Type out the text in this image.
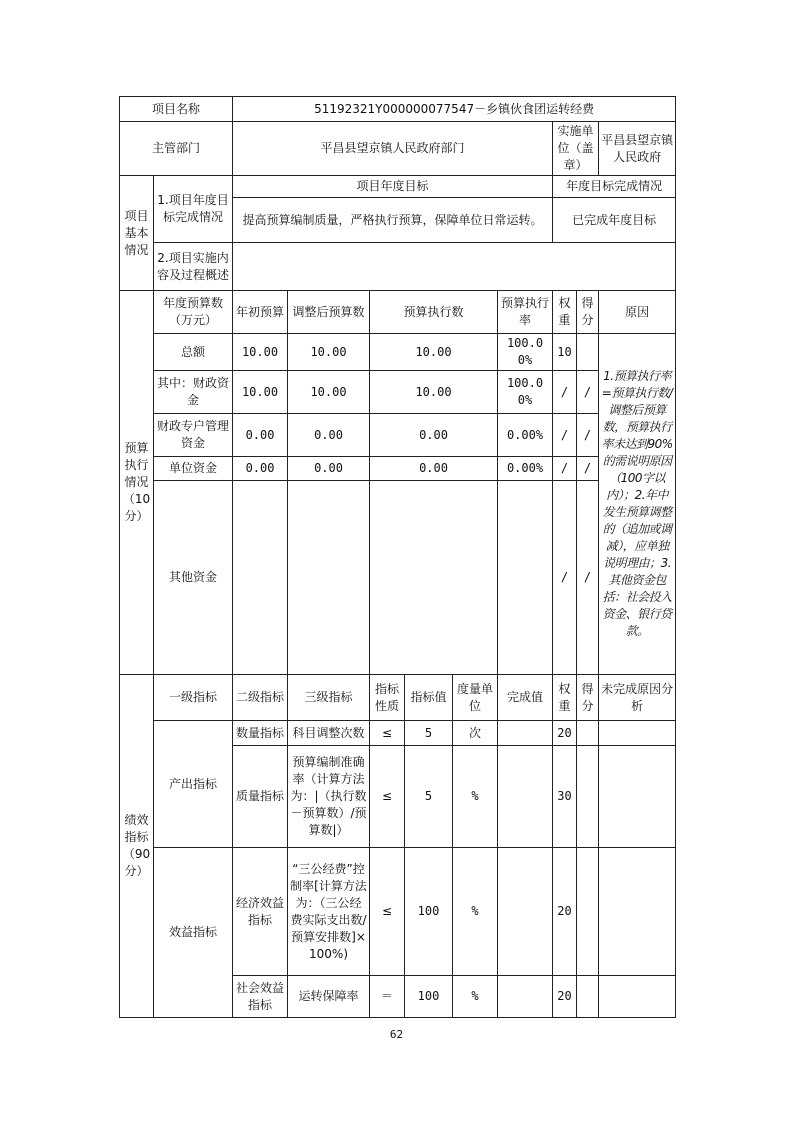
项目名称		51192321Y000000077547－乡镇伙食团运转经费								
主管部门		平昌县望京镇人民政府部门						实施单位（盖章）		平昌县望京镇人民政府
项目基本情况	1.项目年度目标完成情况	项目年度目标						年度目标完成情况		
		提高预算编制质量，严格执行预算，保障单位日常运转。						已完成年度目标		
	2.项目实施内容及过程概述									

预算执行情况（10分）	年度预算数（万元）	年初预算	调整后预算数	预算执行数			预算执行率	权重	得分	原因
	总额	10.00	10.00	10.00			100.00%	10		1.预算执行率=预算执行数/调整后预算数，预算执行率未达到90%的需说明原因（100字以内）；2.年中发生预算调整的（追加或调减），应单独说明理由；3.其他资金包括：社会投入资金、银行贷款。
	其中：财政资金	10.00	10.00	10.00			100.00%	/	/	
	财政专户管理资金	0.00	0.00	0.00			0.00%	/	/	
	单位资金	0.00	0.00	0.00			0.00%	/	/	
	其他资金							/	/	
绩效指标（90分）	一级指标	二级指标	三级指标	指标性质	指标值	度量单位	完成值	权重	得分	未完成原因分析
	产出指标	数量指标	科目调整次数	≤	5	次		20		
		质量指标	预算编制准确率（计算方法为：|（执行数－预算数）/预算数|）	≤	5	%		30		
	效益指标	经济效益指标	“三公经费”控制率[计算方法为：（三公经费实际支出数/预算安排数]×100%)	≤	100	%		20		
		社会效益指标	运转保障率	＝	100	%		20		
62
